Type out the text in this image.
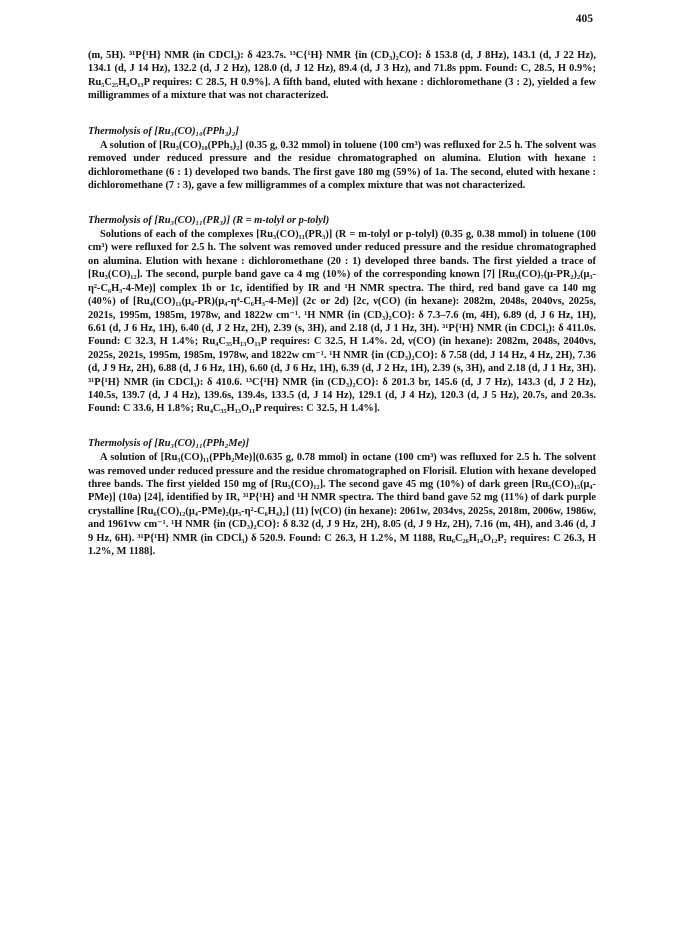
405

(m, 5H). ³¹P{¹H} NMR (in CDCl₃): δ 423.7s. ¹³C{¹H} NMR {in (CD₃)₂CO}: δ 153.8 (d, J 8Hz), 143.1 (d, J 22 Hz), 134.1 (d, J 14 Hz), 132.2 (d, J 2 Hz), 128.0 (d, J 12 Hz), 89.4 (d, J 3 Hz), and 71.8s ppm. Found: C, 28.5, H 0.9%; Ru₅C₂₅H₉O₁₃P requires: C 28.5, H 0.9%]. A fifth band, eluted with hexane : dichloromethane (3 : 2), yielded a few milligrammes of a mixture that was not characterized.

Thermolysis of [Ru₃(CO)₁₀(PPh₃)₂]

A solution of [Ru₃(CO)₁₀(PPh₃)₂] (0.35 g, 0.32 mmol) in toluene (100 cm³) was refluxed for 2.5 h. The solvent was removed under reduced pressure and the residue chromatographed on alumina. Elution with hexane : dichloromethane (6 : 1) developed two bands. The first gave 180 mg (59%) of 1a. The second, eluted with hexane : dichloromethane (7 : 3), gave a few milligrammes of a complex mixture that was not characterized.

Thermolysis of [Ru₃(CO)₁₁(PR₃)] (R = m-tolyl or p-tolyl)

Solutions of each of the complexes [Ru₃(CO)₁₁(PR₃)] (R = m-tolyl or p-tolyl) (0.35 g, 0.38 mmol) in toluene (100 cm³) were refluxed for 2.5 h. The solvent was removed under reduced pressure and the residue chromatographed on alumina. Elution with hexane : dichloromethane (20 : 1) developed three bands. The first yielded a trace of [Ru₃(CO)₁₂]. The second, purple band gave ca 4 mg (10%) of the corresponding known [7] [Ru₃(CO)₇(μ-PR₂)₂(μ₃-η²-C₆H₃-4-Me)] complex 1b or 1c, identified by IR and ¹H NMR spectra. The third, red band gave ca 140 mg (40%) of [Ru₄(CO)₁₁(μ₄-PR)(μ₄-η⁴-C₆H₃-4-Me)] (2c or 2d) [2c, ν(CO) (in hexane): 2082m, 2048s, 2040vs, 2025s, 2021s, 1995m, 1985m, 1978w, and 1822w cm⁻¹. ¹H NMR {in (CD₃)₂CO}: δ 7.3–7.6 (m, 4H), 6.89 (d, J 6 Hz, 1H), 6.61 (d, J 6 Hz, 1H), 6.40 (d, J 2 Hz, 2H), 2.39 (s, 3H), and 2.18 (d, J 1 Hz, 3H). ³¹P{¹H} NMR (in CDCl₃): δ 411.0s. Found: C 32.3, H 1.4%; Ru₄C₃₅H₁₃O₁₁P requires: C 32.5, H 1.4%. 2d, ν(CO) (in hexane): 2082m, 2048s, 2040vs, 2025s, 2021s, 1995m, 1985m, 1978w, and 1822w cm⁻¹. ¹H NMR {in (CD₃)₂CO}: δ 7.58 (dd, J 14 Hz, 4 Hz, 2H), 7.36 (d, J 9 Hz, 2H), 6.88 (d, J 6 Hz, 1H), 6.60 (d, J 6 Hz, 1H), 6.39 (d, J 2 Hz, 1H), 2.39 (s, 3H), and 2.18 (d, J 1 Hz, 3H). ³¹P{¹H} NMR (in CDCl₃): δ 410.6. ¹³C{¹H} NMR {in (CD₃)₂CO}: δ 201.3 br, 145.6 (d, J 7 Hz), 143.3 (d, J 2 Hz), 140.5s, 139.7 (d, J 4 Hz), 139.6s, 139.4s, 133.5 (d, J 14 Hz), 129.1 (d, J 4 Hz), 120.3 (d, J 5 Hz), 20.7s, and 20.3s. Found: C 33.6, H 1.8%; Ru₄C₃₅H₁₃O₁₁P requires: C 32.5, H 1.4%].

Thermolysis of [Ru₃(CO)₁₁(PPh₂Me)]

A solution of [Ru₃(CO)₁₁(PPh₂Me)](0.635 g, 0.78 mmol) in octane (100 cm³) was refluxed for 2.5 h. The solvent was removed under reduced pressure and the residue chromatographed on Florisil. Elution with hexane developed three bands. The first yielded 150 mg of [Ru₃(CO)₁₂]. The second gave 45 mg (10%) of dark green [Ru₅(CO)₁₅(μ₄-PMe)] (10a) [24], identified by IR, ³¹P{¹H} and ¹H NMR spectra. The third band gave 52 mg (11%) of dark purple crystalline [Ru₆(CO)₁₂(μ₄-PMe)₂(μ₃-η²-C₆H₄)₂] (11) [ν(CO) (in hexane): 2061w, 2034vs, 2025s, 2018m, 2006w, 1986w, and 1961vw cm⁻¹. ¹H NMR {in (CD₃)₂CO}: δ 8.32 (d, J 9 Hz, 2H), 8.05 (d, J 9 Hz, 2H), 7.16 (m, 4H), and 3.46 (d, J 9 Hz, 6H). ³¹P{¹H} NMR (in CDCl₃) δ 520.9. Found: C 26.3, H 1.2%, M 1188, Ru₆C₂₆H₁₄O₁₂P₂ requires: C 26.3, H 1.2%, M 1188].
